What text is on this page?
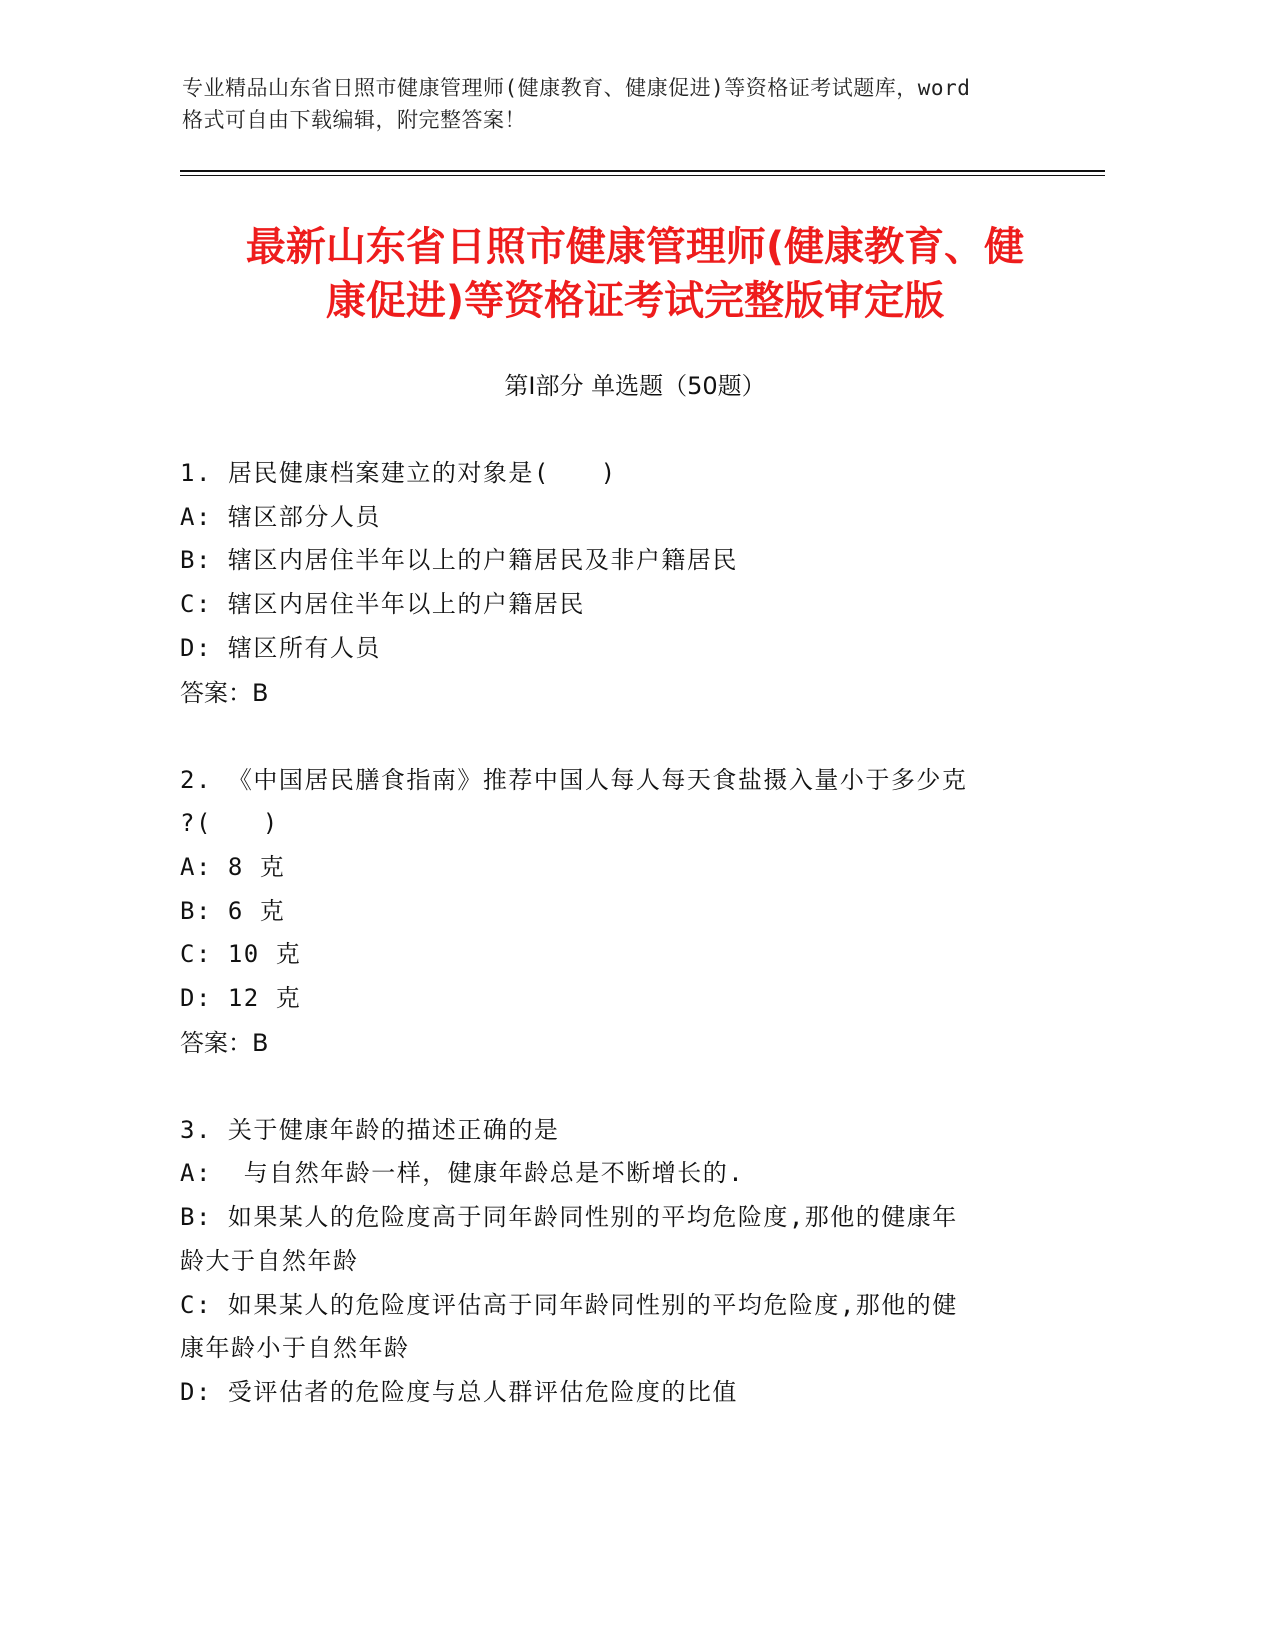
专业精品山东省日照市健康管理师(健康教育、健康促进)等资格证考试题库，word
格式可自由下载编辑，附完整答案！
最新山东省日照市健康管理师(健康教育、健
康促进)等资格证考试完整版审定版
第Ⅰ部分 单选题（50题）
1. 居民健康档案建立的对象是(　　)
A: 辖区部分人员
B: 辖区内居住半年以上的户籍居民及非户籍居民
C: 辖区内居住半年以上的户籍居民
D: 辖区所有人员
答案：B
2. 《中国居民膳食指南》推荐中国人每人每天食盐摄入量小于多少克
?(　　)
A: 8 克
B: 6 克
C: 10 克
D: 12 克
答案：B
3. 关于健康年龄的描述正确的是
A:  与自然年龄一样，健康年龄总是不断增长的.
B: 如果某人的危险度高于同年龄同性别的平均危险度,那他的健康年
龄大于自然年龄
C: 如果某人的危险度评估高于同年龄同性别的平均危险度,那他的健
康年龄小于自然年龄
D: 受评估者的危险度与总人群评估危险度的比值
